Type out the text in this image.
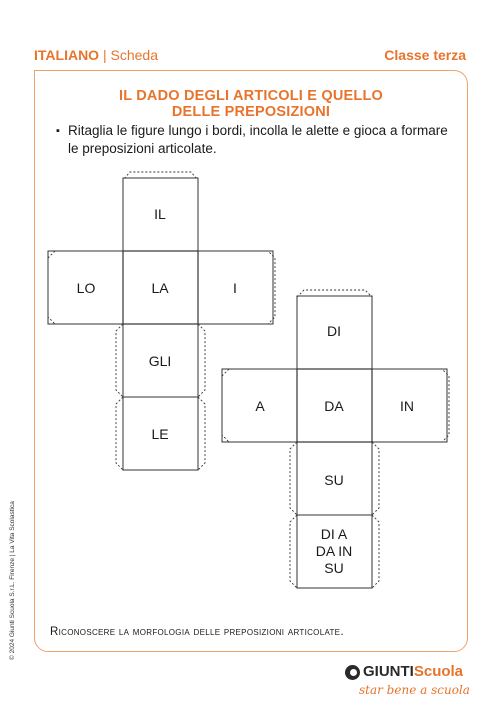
ITALIANO | Scheda	Classe terza
IL DADO DEGLI ARTICOLI E QUELLO
DELLE PREPOSIZIONI
▪ Ritaglia le figure lungo i bordi, incolla le alette e gioca a formare le preposizioni articolate.
IL
LO	LA	I
GLI
LE
DI
A	DA	IN
SU
DI A
DA IN
SU
Riconoscere la morfologia delle preposizioni articolate.
© 2024 Giunti Scuola S.r.L. Firenze | La Vita Scolastica
GIUNTIScuola
star bene a scuola
